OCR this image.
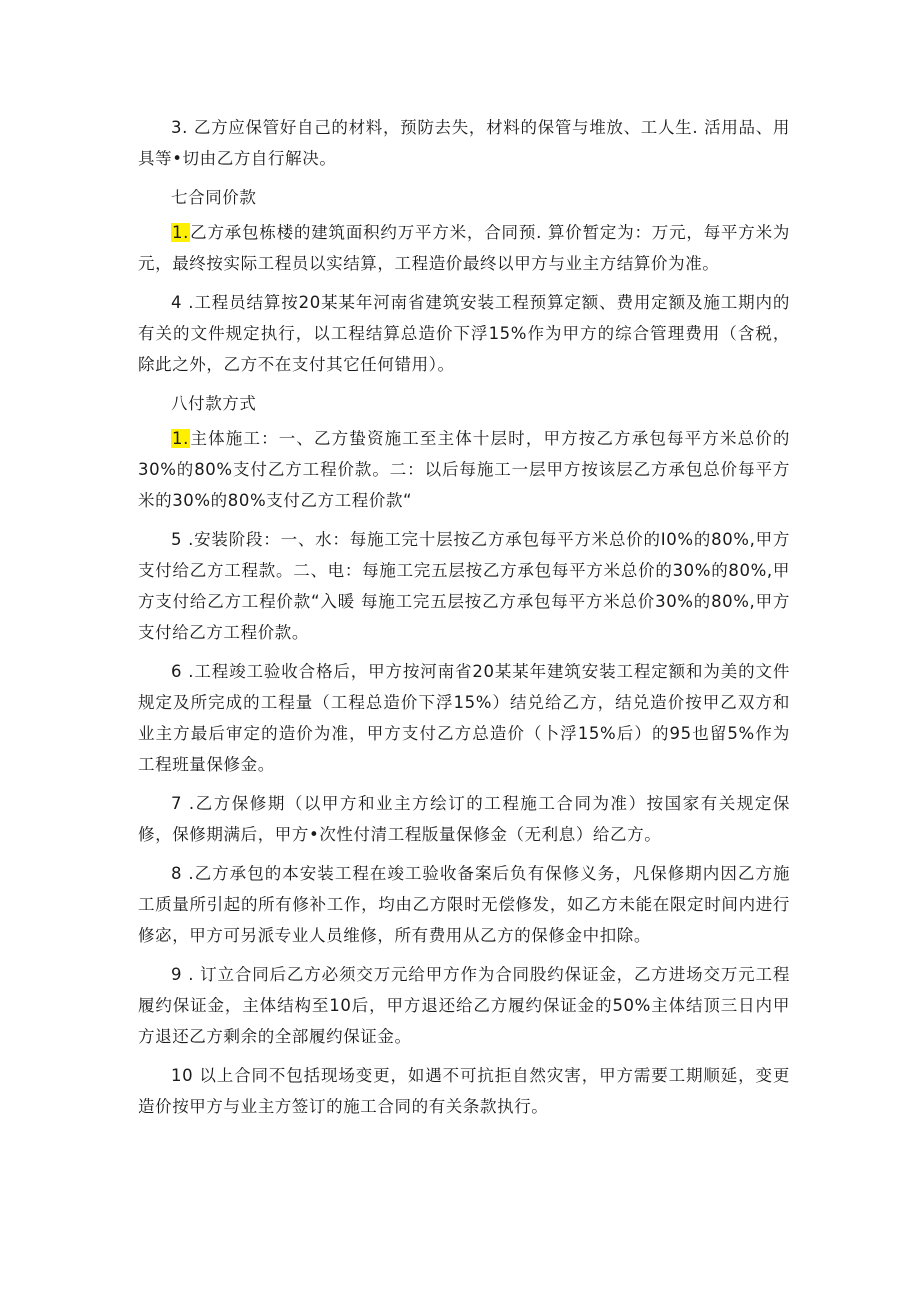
3. 乙方应保管好自己的材料，预防去失，材料的保管与堆放、工人生. 活用品、用具等•切由乙方自行解决。

七合同价款

1.乙方承包栋楼的建筑面积约万平方米，合同预. 算价暂定为：万元，每平方米为元，最终按实际工程员以实结算，工程造价最终以甲方与业主方结算价为准。

4 .工程员结算按20某某年河南省建筑安装工程预算定额、费用定额及施工期内的有关的文件规定执行，以工程结算总造价下浮15%作为甲方的综合管理费用（含税，除此之外，乙方不在支付其它任何错用）。

八付款方式

1.主体施工：一、乙方蛰资施工至主体十层时，甲方按乙方承包每平方米总价的30%的80%支付乙方工程价款。二：以后每施工一层甲方按该层乙方承包总价每平方米的30%的80%支付乙方工程价款“

5 .安装阶段：一、水：每施工完十层按乙方承包每平方米总价的I0%的80%,甲方支付给乙方工程款。二、电：每施工完五层按乙方承包每平方米总价的30%的80%,甲方支付给乙方工程价款“入暖 每施工完五层按乙方承包每平方米总价30%的80%,甲方支付给乙方工程价款。

6 .工程竣工验收合格后，甲方按河南省20某某年建筑安装工程定额和为美的文件规定及所完成的工程量（工程总造价下浮15%）结兑给乙方，结兑造价按甲乙双方和业主方最后审定的造价为准，甲方支付乙方总造价（卜浮15%后）的95也留5%作为工程班量保修金。

7 .乙方保修期（以甲方和业主方绘订的工程施工合同为准）按国家有关规定保修，保修期满后，甲方•次性付清工程版量保修金（无利息）给乙方。

8 .乙方承包的本安装工程在竣工验收备案后负有保修义务，凡保修期内因乙方施工质量所引起的所有修补工作，均由乙方限时无偿修发，如乙方未能在限定时间内进行修宓，甲方可另派专业人员维修，所有费用从乙方的保修金中扣除。

9 . 订立合同后乙方必须交万元给甲方作为合同股约保证金，乙方进场交万元工程履约保证金，主体结构至10后，甲方退还给乙方履约保证金的50%主体结顶三日内甲方退还乙方剩余的全部履约保证金。

10 以上合同不包括现场变更，如遇不可抗拒自然灾害，甲方需要工期顺延，变更造价按甲方与业主方签订的施工合同的有关条款执行。
